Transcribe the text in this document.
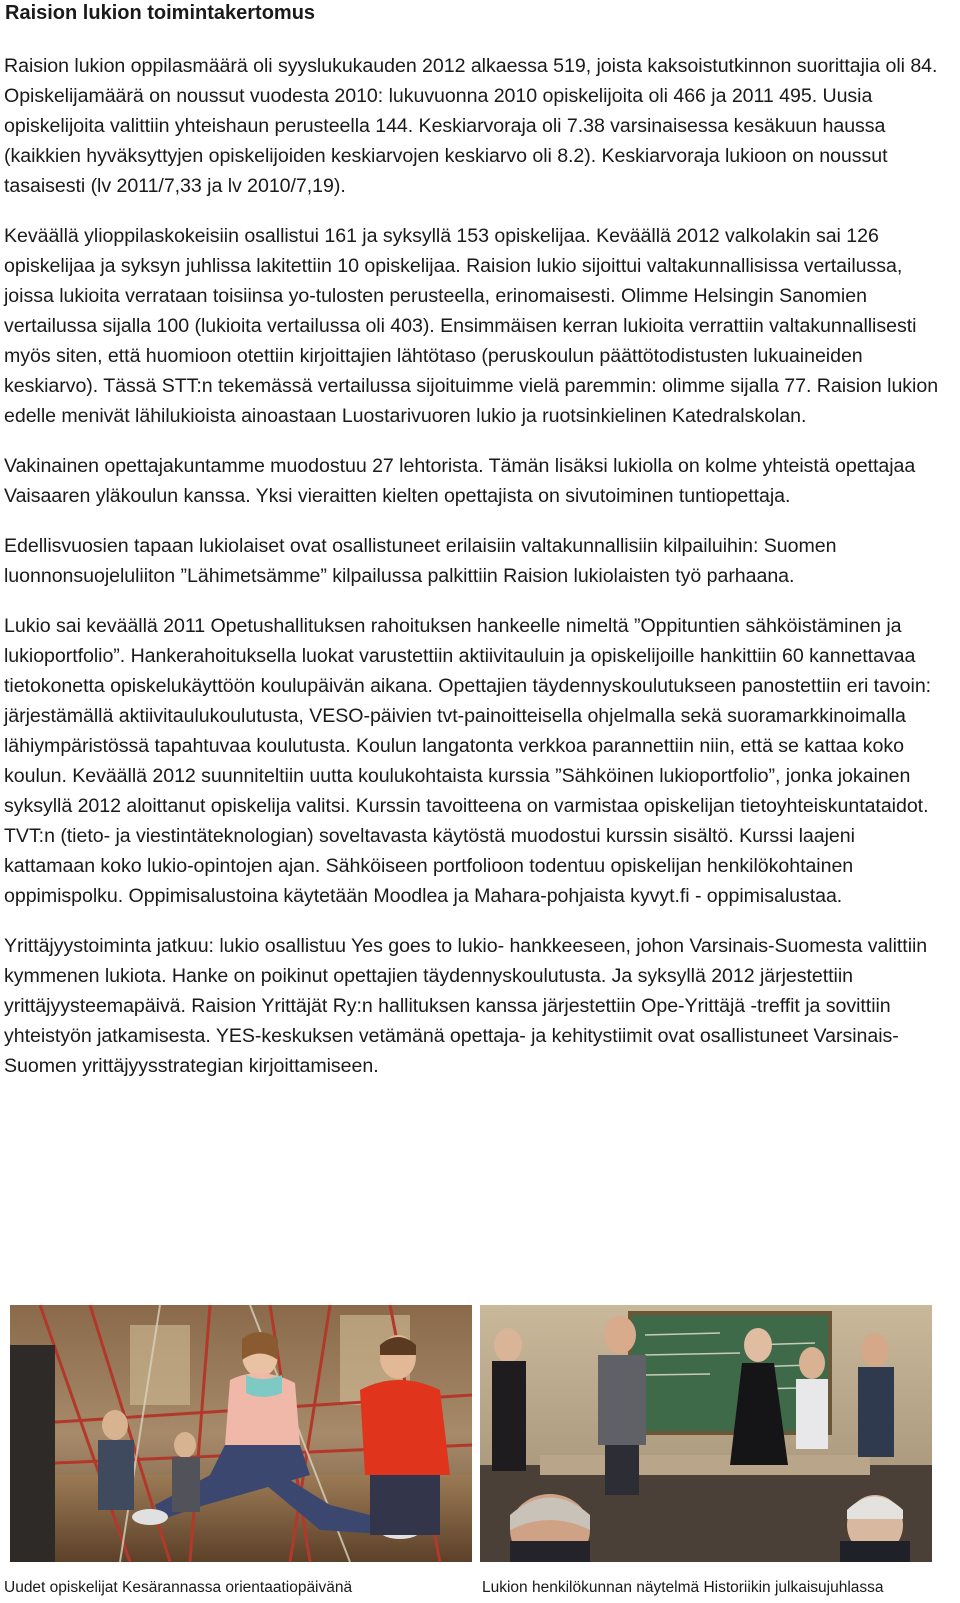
Raision lukion toimintakertomus

Raision lukion oppilasmäärä oli syyslukukauden 2012 alkaessa 519, joista kaksoistutkinnon suorittajia oli 84. Opiskelijamäärä on noussut vuodesta 2010: lukuvuonna 2010 opiskelijoita oli 466 ja 2011 495. Uusia opiskelijoita valittiin yhteishaun perusteella 144. Keskiarvoraja oli 7.38 varsinaisessa kesäkuun haussa (kaikkien hyväksyttyjen opiskelijoiden keskiarvojen keskiarvo oli 8.2). Keskiarvoraja lukioon on noussut tasaisesti (lv 2011/7,33 ja lv 2010/7,19).

Keväällä ylioppilaskokeisiin osallistui 161 ja syksyllä 153 opiskelijaa. Keväällä 2012 valkolakin sai 126 opiskelijaa ja syksyn juhlissa lakitettiin 10 opiskelijaa. Raision lukio sijoittui valtakunnallisissa vertailussa, joissa lukioita verrataan toisiinsa yo-tulosten perusteella, erinomaisesti. Olimme Helsingin Sanomien vertailussa sijalla 100 (lukioita vertailussa oli 403). Ensimmäisen kerran lukioita verrattiin valtakunnallisesti myös siten, että huomioon otettiin kirjoittajien lähtötaso (peruskoulun päättötodistusten lukuaineiden keskiarvo). Tässä STT:n tekemässä vertailussa sijoituimme vielä paremmin: olimme sijalla 77. Raision lukion edelle menivät lähilukioista ainoastaan Luostarivuoren lukio ja ruotsinkielinen Katedralskolan.

Vakinainen opettajakuntamme muodostuu 27 lehtorista. Tämän lisäksi lukiolla on kolme yhteistä opettajaa Vaisaaren yläkoulun kanssa. Yksi vieraitten kielten opettajista on sivutoiminen tuntiopettaja.

Edellisvuosien tapaan lukiolaiset ovat osallistuneet erilaisiin valtakunnallisiin kilpailuihin: Suomen luonnonsuojeluliiton ”Lähimetsämme” kilpailussa palkittiin Raision lukiolaisten työ parhaana.

Lukio sai keväällä 2011 Opetushallituksen rahoituksen hankeelle nimeltä ”Oppituntien sähköistäminen ja lukioportfolio”. Hankerahoituksella luokat varustettiin aktiivitauluin ja opiskelijoille hankittiin 60 kannettavaa tietokonetta opiskelukäyttöön koulupäivän aikana. Opettajien täydennyskoulutukseen panostettiin eri tavoin: järjestämällä aktiivitaulukoulutusta, VESO-päivien tvt-painoitteisella ohjelmalla sekä suoramarkkinoimalla lähiympäristössä tapahtuvaa koulutusta. Koulun langatonta verkkoa parannettiin niin, että se kattaa koko koulun. Keväällä 2012 suunniteltiin uutta koulukohtaista kurssia ”Sähköinen lukioportfolio”, jonka jokainen syksyllä 2012 aloittanut opiskelija valitsi. Kurssin tavoitteena on varmistaa opiskelijan tietoyhteiskuntataidot. TVT:n (tieto- ja viestintäteknologian) soveltavasta käytöstä muodostui kurssin sisältö. Kurssi laajeni kattamaan koko lukio-opintojen ajan. Sähköiseen portfolioon todentuu opiskelijan henkilökohtainen oppimispolku. Oppimisalustoina käytetään Moodlea ja Mahara-pohjaista kyvyt.fi - oppimisalustaa.

Yrittäjyystoiminta jatkuu: lukio osallistuu Yes goes to lukio- hankkeeseen, johon Varsinais-Suomesta valittiin kymmenen lukiota. Hanke on poikinut opettajien täydennyskoulutusta. Ja syksyllä 2012 järjestettiin yrittäjyysteemapäivä. Raision Yrittäjät Ry:n hallituksen kanssa järjestettiin Ope-Yrittäjä -treffit ja sovittiin yhteistyön jatkamisesta. YES-keskuksen vetämänä opettaja- ja kehitystiimit ovat osallistuneet Varsinais-Suomen yrittäjyysstrategian kirjoittamiseen.

Uudet opiskelijat Kesärannassa orientaatiopäivänä	Lukion henkilökunnan näytelmä Historiikin julkaisujuhlassa
